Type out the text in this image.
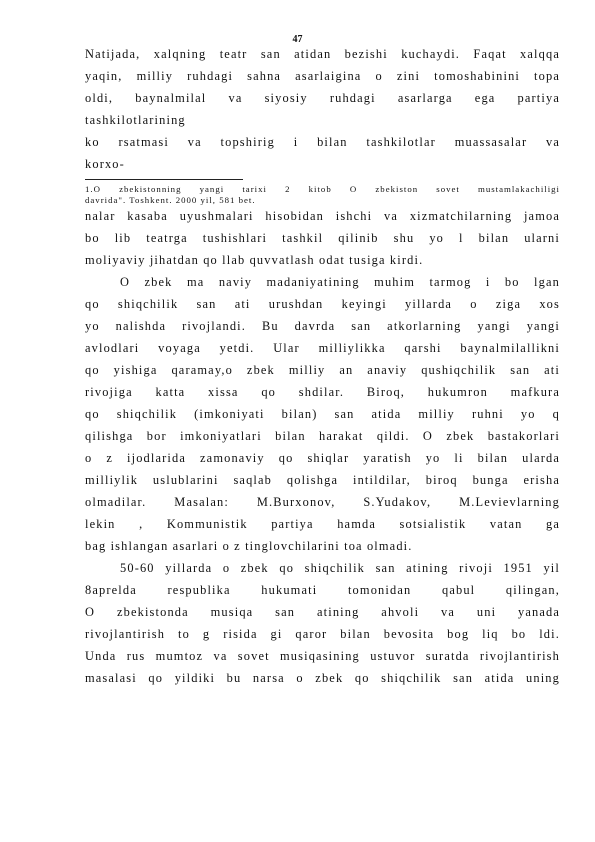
47
Natijada, xalqning teatr san atidan bezishi kuchaydi. Faqat xalqqa
yaqin, milliy ruhdagi sahna asarlaigina o zini tomoshabinini topa
oldi, baynalmilal va siyosiy ruhdagi asarlarga ega partiya
tashkilotlarining
ko rsatmasi va topshirig i bilan tashkilotlar muassasalar va
korxo-
1.O zbekistonning yangi tarixi 2 kitob O zbekiston sovet mustamlakachiligi
davrida". Toshkent. 2000 yil, 581 bet.
nalar kasaba uyushmalari hisobidan ishchi va xizmatchilarning jamoa
bo lib teatrga tushishlari tashkil qilinib shu yo l bilan ularni
moliyaviy jihatdan qo llab quvvatlash odat tusiga kirdi.
O zbek ma naviy madaniyatining muhim tarmog i bo lgan
qo shiqchilik san ati urushdan keyingi yillarda o ziga xos
yo nalishda rivojlandi. Bu davrda san atkorlarning yangi yangi
avlodlari voyaga yetdi. Ular milliylikka qarshi baynalmilallikni
qo yishiga qaramay,o zbek milliy an anaviy qushiqchilik san ati
rivojiga katta xissa qo shdilar. Biroq, hukumron mafkura
qo shiqchilik (imkoniyati bilan) san atida milliy ruhni yo q
qilishga bor imkoniyatlari bilan harakat qildi. O zbek bastakorlari
o z ijodlarida zamonaviy qo shiqlar yaratish yo li bilan ularda
milliylik uslublarini saqlab qolishga intildilar, biroq bunga erisha
olmadilar. Masalan: M.Burxonov, S.Yudakov, M.Levievlarning
lekin , Kommunistik partiya hamda sotsialistik vatan ga
bag ishlangan asarlari o z tinglovchilarini toa olmadi.
50-60 yillarda o zbek qo shiqchilik san atining rivoji 1951 yil
8aprelda respublika hukumati tomonidan qabul qilingan,
O zbekistonda musiqa san atining ahvoli va uni yanada
rivojlantirish to g risida gi qaror bilan bevosita bog liq bo ldi.
Unda rus mumtoz va sovet musiqasining ustuvor suratda rivojlantirish
masalasi qo yildiki bu narsa o zbek qo shiqchilik san atida uning
